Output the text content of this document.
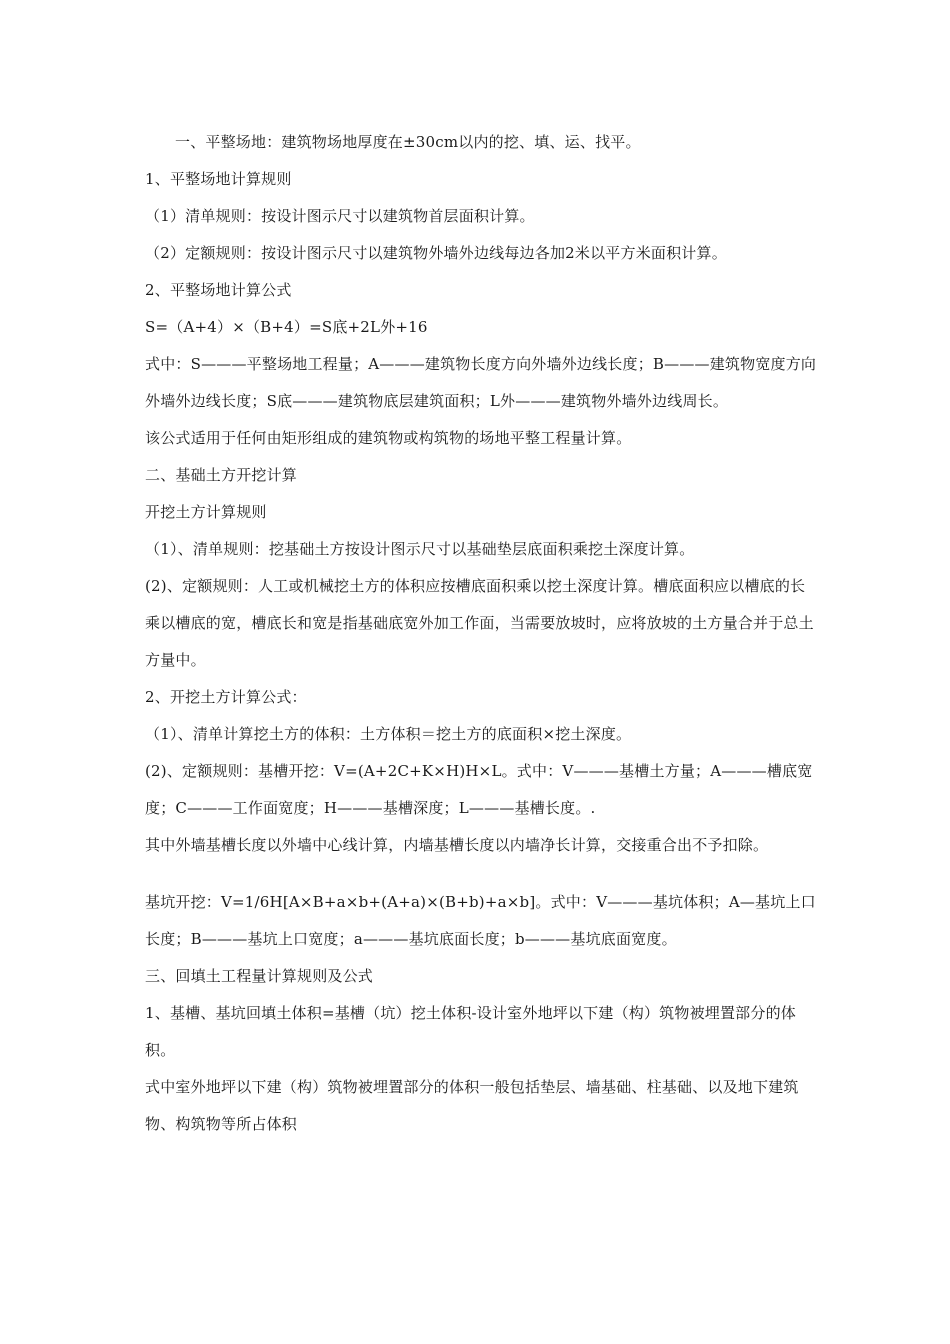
一、平整场地：建筑物场地厚度在±30cm以内的挖、填、运、找平。

1、平整场地计算规则

（1）清单规则：按设计图示尺寸以建筑物首层面积计算。

（2）定额规则：按设计图示尺寸以建筑物外墙外边线每边各加2米以平方米面积计算。

2、平整场地计算公式

S=（A+4）×（B+4）=S底+2L外+16

式中：S———平整场地工程量；A———建筑物长度方向外墙外边线长度；B———建筑物宽度方向外墙外边线长度；S底———建筑物底层建筑面积；L外———建筑物外墙外边线周长。

该公式适用于任何由矩形组成的建筑物或构筑物的场地平整工程量计算。

二、基础土方开挖计算

开挖土方计算规则

（1）、清单规则：挖基础土方按设计图示尺寸以基础垫层底面积乘挖土深度计算。

(2)、定额规则：人工或机械挖土方的体积应按槽底面积乘以挖土深度计算。槽底面积应以槽底的长乘以槽底的宽，槽底长和宽是指基础底宽外加工作面，当需要放坡时，应将放坡的土方量合并于总土方量中。

2、开挖土方计算公式：

（1）、清单计算挖土方的体积：土方体积＝挖土方的底面积×挖土深度。

(2)、定额规则：基槽开挖：V=(A+2C+K×H)H×L。式中：V———基槽土方量；A———槽底宽度；C———工作面宽度；H———基槽深度；L———基槽长度。.

其中外墙基槽长度以外墙中心线计算，内墙基槽长度以内墙净长计算，交接重合出不予扣除。

基坑开挖：V=1/6H[A×B+a×b+(A+a)×(B+b)+a×b]。式中：V———基坑体积；A—基坑上口长度；B———基坑上口宽度；a———基坑底面长度；b———基坑底面宽度。

三、回填土工程量计算规则及公式

1、基槽、基坑回填土体积=基槽（坑）挖土体积-设计室外地坪以下建（构）筑物被埋置部分的体积。

式中室外地坪以下建（构）筑物被埋置部分的体积一般包括垫层、墙基础、柱基础、以及地下建筑物、构筑物等所占体积
